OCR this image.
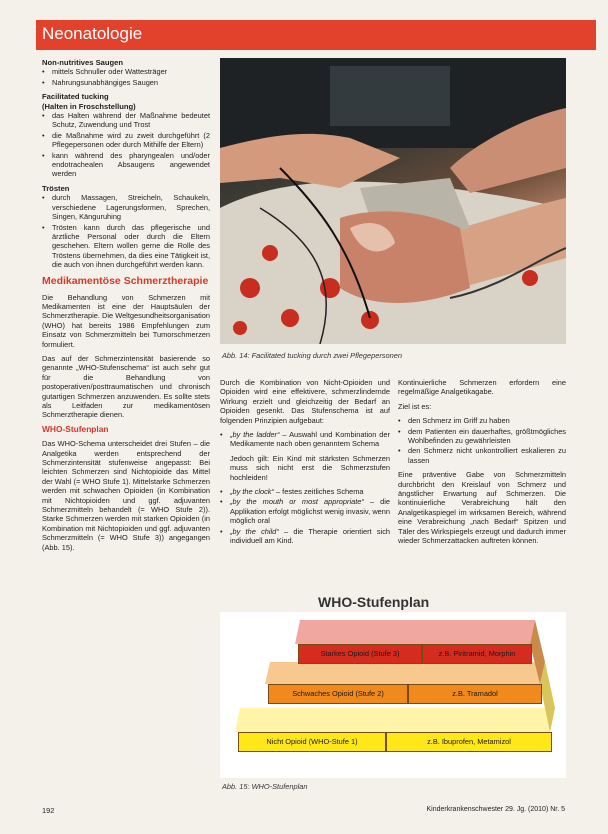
Neonatologie
Non-nutritives Saugen
• mittels Schnuller oder Wattesträger
• Nahrungsunabhängiges Saugen
Facilitated tucking
(Halten in Froschstellung)
• das Halten während der Maßnahme bedeutet Schutz, Zuwendung und Trost
• die Maßnahme wird zu zweit durchgeführt (2 Pflegepersonen oder durch Mithilfe der Eltern)
• kann während des pharyngealen und/oder endotrachealen Absaugens angewendet werden
Trösten
• durch Massagen, Streicheln, Schaukeln, verschiedene Lagerungsformen, Sprechen, Singen, Känguruhing
• Trösten kann durch das pflegerische und ärztliche Personal oder durch die Eltern geschehen. Eltern wollen gerne die Rolle des Tröstens übernehmen, da dies eine Tätigkeit ist, die auch von ihnen durchgeführt werden kann.
Medikamentöse Schmerztherapie

Die Behandlung von Schmerzen mit Medikamenten ist eine der Hauptsäulen der Schmerztherapie. Die Weltgesundheitsorganisation (WHO) hat bereits 1986 Empfehlungen zum Einsatz von Schmerzmitteln bei Tumorschmerzen formuliert.

Das auf der Schmerzintensität basierende so genannte „WHO-Stufenschema“ ist auch sehr gut für die Behandlung von postoperativen/posttraumatischen und chronisch gutartigen Schmerzen anzuwenden. Es sollte stets als Leitfaden zur medikamentösen Schmerztherapie dienen.

WHO-Stufenplan

Das WHO-Schema unterscheidet drei Stufen – die Analgetika werden entsprechend der Schmerzintensität stufenweise angepasst: Bei leichten Schmerzen sind Nichtopioide das Mittel der Wahl (= WHO Stufe 1). Mittelstarke Schmerzen werden mit schwachen Opioiden (in Kombination mit Nichtopioiden und ggf. adjuvanten Schmerzmitteln behandelt (= WHO Stufe 2)). Starke Schmerzen werden mit starken Opioiden (in Kombination mit Nichtopioiden und ggf. adjuvanten Schmerzmitteln (= WHO Stufe 3)) angegangen (Abb. 15).

Abb. 14: Facilitated tucking durch zwei Pflegepersonen

Durch die Kombination von Nicht-Opioiden und Opioiden wird eine effektivere, schmerzlindernde Wirkung erzielt und gleichzeitig der Bedarf an Opioiden gesenkt. Das Stufenschema ist auf folgenden Prinzipien aufgebaut:

• „by the ladder“ – Auswahl und Kombination der Medikamente nach oben genanntem Schema

Jedoch gilt: Ein Kind mit stärksten Schmerzen muss sich nicht erst die Schmerzstufen hochleiden!

• „by the clock“ – festes zeitliches Schema
• „by the mouth or most appropriate“ – die Applikation erfolgt möglichst wenig invasiv, wenn möglich oral
• „by the child“ – die Therapie orientiert sich individuell am Kind.

Kontinuierliche Schmerzen erfordern eine regelmäßige Analgetikagabe.

Ziel ist es:

• den Schmerz im Griff zu haben
• dem Patienten ein dauerhaftes, größtmögliches Wohlbefinden zu gewährleisten
• den Schmerz nicht unkontrolliert eskalieren zu lassen

Eine präventive Gabe von Schmerzmitteln durchbricht den Kreislauf von Schmerz und ängstlicher Erwartung auf Schmerzen. Die kontinuierliche Verabreichung hält den Analgetikaspiegel im wirksamen Bereich, während eine Verabreichung „nach Bedarf“ Spitzen und Täler des Wirkspiegels erzeugt und dadurch immer wieder Schmerzattacken auftreten können.

WHO-Stufenplan
Starkes Opioid (Stufe 3)	z.B. Piritramid, Morphin
Schwaches Opioid (Stufe 2)	z.B. Tramadol
Nicht Opioid (WHO-Stufe 1)	z.B. Ibuprofen, Metamizol
Abb. 15: WHO-Stufenplan
192	Kinderkrankenschwester 29. Jg. (2010) Nr. 5
